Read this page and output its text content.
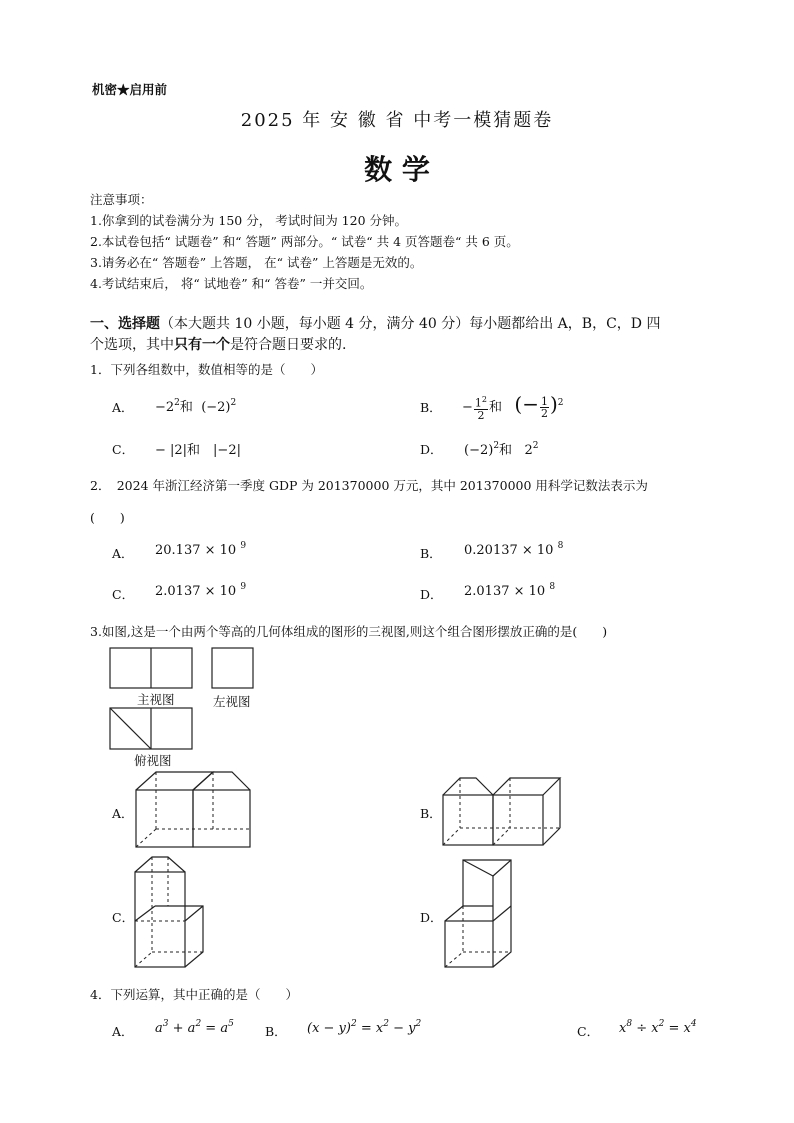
机密★启用前
2025 年 安 徽 省 中考一模猜题卷
数 学
注意事项：
1.你拿到的试卷满分为 150 分， 考试时间为 120 分钟。
2.本试卷包括“ 试题卷” 和“ 答题” 两部分。“ 试卷“ 共 4 页答题卷“ 共 6 页。
3.请务必在“ 答题卷” 上答题， 在“ 试卷” 上答题是无效的。
4.考试结束后， 将“ 试地卷” 和“ 答卷” 一并交回。
一、选择题（本大题共 10 小题，每小题 4 分，满分 40 分）每小题都给出 A，B，C，D 四
个选项，其中只有一个是符合题日要求的.
1．下列各组数中，数值相等的是（　　）
A． $-2^2$和 $(-2)^2$	B． − $\frac{1^2}{2}$ 和 (− $\frac{1}{2} )^2$
C． − |2|和　|−2|	D． $(-2)^2$和 $2^2$
2．　2024 年浙江经济第一季度 GDP 为 201370000 万元，其中 201370000 用科学记数法表示为
(　　)
A． 20.137 × 10 $^9$	B． 0.20137 × 10 $^8$
C． 2.0137 × 10 $^9$	D． 2.0137 × 10 $^8$
3.如图,这是一个由两个等高的几何体组成的图形的三视图,则这个组合图形摆放正确的是(　　)
主视图	左视图
俯视图
A．	B．
C．	D．
4．下列运算，其中正确的是（　　）
A． $a^3 + a^2 = a^5$ B． $(x - y)^2 = x^2 - y^2$	C． $x^8 \div x^2 = x^4$
